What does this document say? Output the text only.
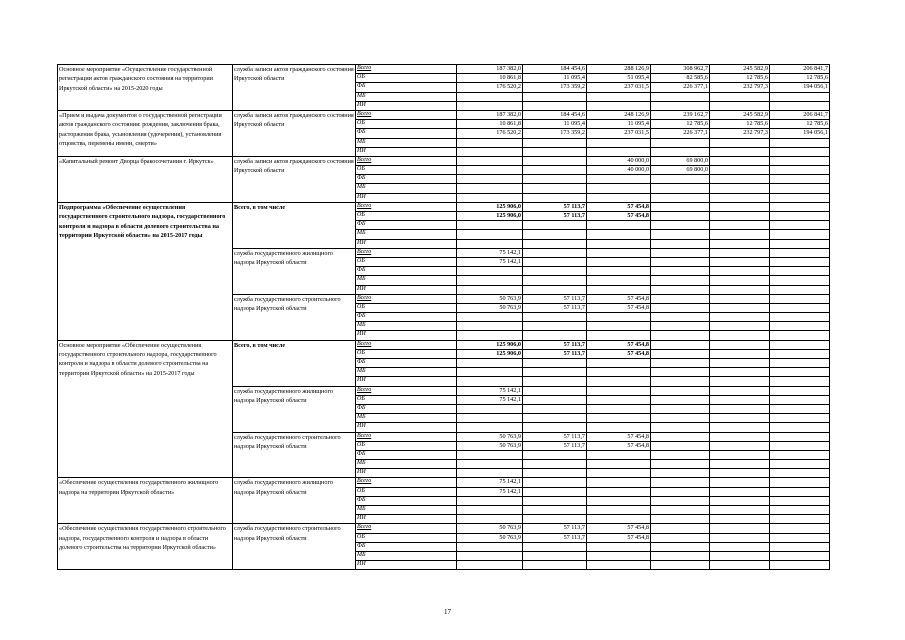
Основное мероприятие «Осуществление государственной регистрации актов гражданского состояния на территории Иркутской области» на 2015-2020 годы	служба записи актов гражданского состояния Иркутской области	Всего	187 382,0	184 454,6	288 126,9	308 962,7	245 582,9	206 841,7
		ОБ	10 861,8	11 095,4	51 095,4	82 585,6	12 785,6	12 785,6
		ФБ	176 520,2	173 359,2	237 031,5	226 377,1	232 797,3	194 056,1
		МБ						
		ИИ						
«Прием и выдача документов о государственной регистрации актов гражданского состояния: рождения, заключения брака, расторжения брака, усыновления (удочерения), установления отцовства, перемены имени, смерти»	служба записи актов гражданского состояния Иркутской области	Всего	187 382,0	184 454,6	248 126,9	239 162,7	245 582,9	206 841,7
		ОБ	10 861,8	11 095,4	11 095,4	12 785,6	12 785,6	12 785,6
		ФБ	176 520,2	173 359,2	237 031,5	226 377,1	232 797,3	194 056,1
		МБ						
		ИИ						
«Капитальный ремонт Дворца бракосочетания г. Иркутск»	служба записи актов гражданского состояния Иркутской области	Всего			40 000,0	69 800,0		
		ОБ			40 000,0	69 800,0		
		ФБ						
		МБ						
		ИИ						
Подпрограмма «Обеспечение осуществления государственного строительного надзора, государственного контроля и надзора в области долевого строительства на территории Иркутской области» на 2015-2017 годы	Всего, в том числе	Всего	125 906,0	57 113,7	57 454,8			
		ОБ	125 906,0	57 113,7	57 454,8			
		ФБ						
		МБ						
		ИИ						
	служба государственного жилищного надзора Иркутской области	Всего	75 142,1					
		ОБ	75 142,1					
		ФБ						
		МБ						
		ИИ						
	служба государственного строительного надзора Иркутской области	Всего	50 763,9	57 113,7	57 454,8			
		ОБ	50 763,9	57 113,7	57 454,8			
		ФБ						
		МБ						
		ИИ						
Основное мероприятие «Обеспечение осуществления государственного строительного надзора, государственного контроля и надзора в области долевого строительства на территории Иркутской области» на 2015-2017 годы	Всего, в том числе	Всего	125 906,0	57 113,7	57 454,8			
		ОБ	125 906,0	57 113,7	57 454,8			
		ФБ						
		МБ						
		ИИ						
	служба государственного жилищного надзора Иркутской области	Всего	75 142,1					
		ОБ	75 142,1					
		ФБ						
		МБ						
		ИИ						
	служба государственного строительного надзора Иркутской области	Всего	50 763,9	57 113,7	57 454,8			
		ОБ	50 763,9	57 113,7	57 454,8			
		ФБ						
		МБ						
		ИИ						
«Обеспечение осуществления государственного жилищного надзора на территории Иркутской области»	служба государственного жилищного надзора Иркутской области	Всего	75 142,1					
		ОБ	75 142,1					
		ФБ						
		МБ						
		ИИ						
«Обеспечение осуществления государственного строительного надзора, государственного контроля и надзора в области долевого строительства на территории Иркутской области»	служба государственного строительного надзора Иркутской области	Всего	50 763,9	57 113,7	57 454,8			
		ОБ	50 763,9	57 113,7	57 454,8			
		ФБ						
		МБ						
		ИИ						
17
